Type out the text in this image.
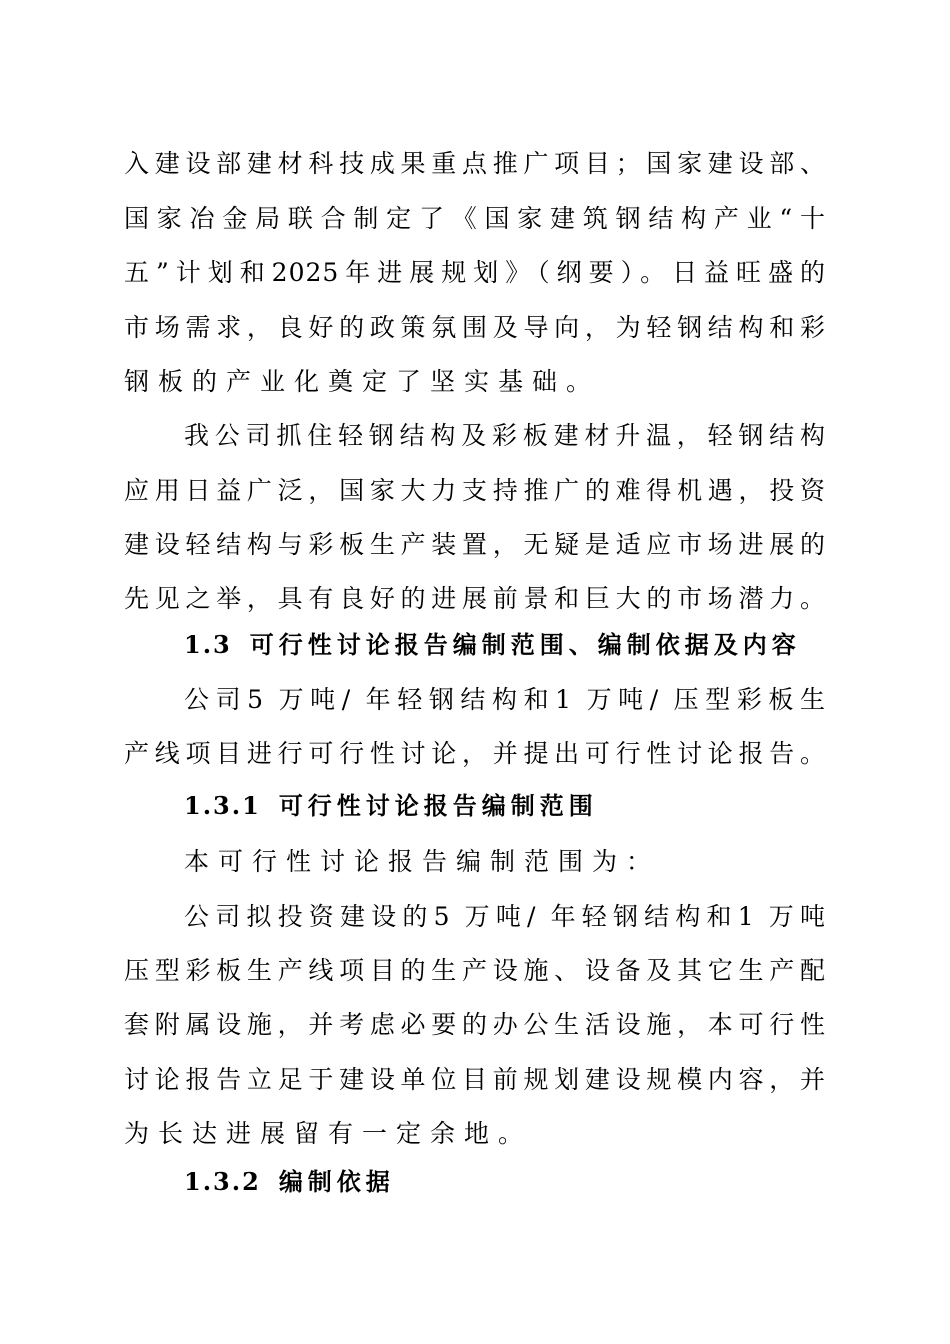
入建设部建材科技成果重点推广项目；国家建设部、
国家冶金局联合制定了《国家建筑钢结构产业“十
五”计划和2025年进展规划》（纲要）。日益旺盛的
市场需求，良好的政策氛围及导向，为轻钢结构和彩
钢板的产业化奠定了坚实基础。
我公司抓住轻钢结构及彩板建材升温，轻钢结构
应用日益广泛，国家大力支持推广的难得机遇，投资
建设轻结构与彩板生产装置，无疑是适应市场进展的
先见之举，具有良好的进展前景和巨大的市场潜力。
1.3 可行性讨论报告编制范围、编制依据及内容
公司5 万吨/ 年轻钢结构和1 万吨/ 压型彩板生
产线项目进行可行性讨论，并提出可行性讨论报告。
1.3.1 可行性讨论报告编制范围
本可行性讨论报告编制范围为：
公司拟投资建设的5 万吨/ 年轻钢结构和1 万吨
压型彩板生产线项目的生产设施、设备及其它生产配
套附属设施，并考虑必要的办公生活设施，本可行性
讨论报告立足于建设单位目前规划建设规模内容，并
为长达进展留有一定余地。
1.3.2 编制依据
